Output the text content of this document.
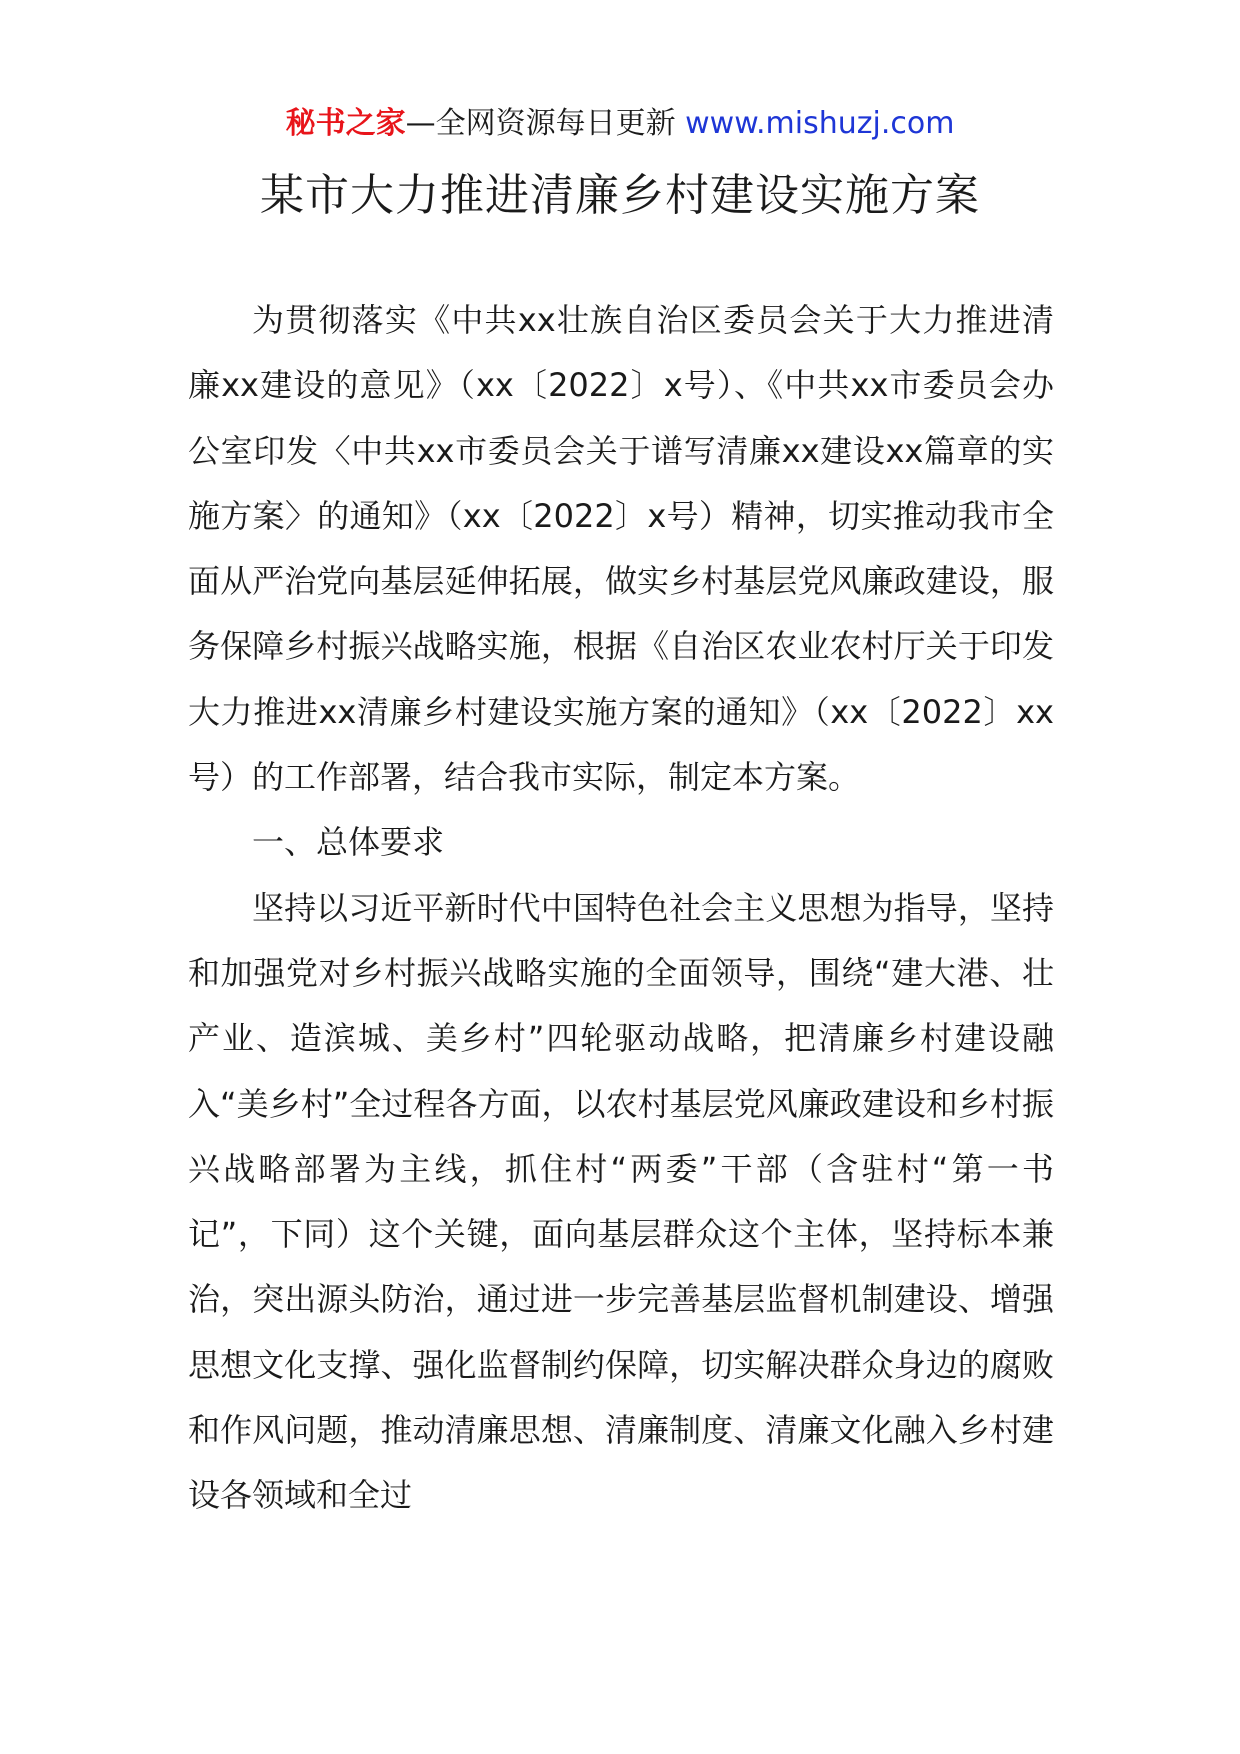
秘书之家—全网资源每日更新 www.mishuzj.com
某市大力推进清廉乡村建设实施方案

为贯彻落实《中共xx壮族自治区委员会关于大力推进清廉xx建设的意见》（xx〔2022〕x号）、《中共xx市委员会办公室印发〈中共xx市委员会关于谱写清廉xx建设xx篇章的实施方案〉的通知》（xx〔2022〕x号）精神，切实推动我市全面从严治党向基层延伸拓展，做实乡村基层党风廉政建设，服务保障乡村振兴战略实施，根据《自治区农业农村厅关于印发大力推进xx清廉乡村建设实施方案的通知》（xx〔2022〕xx号）的工作部署，结合我市实际，制定本方案。

一、总体要求

坚持以习近平新时代中国特色社会主义思想为指导，坚持和加强党对乡村振兴战略实施的全面领导，围绕“建大港、壮产业、造滨城、美乡村”四轮驱动战略，把清廉乡村建设融入“美乡村”全过程各方面，以农村基层党风廉政建设和乡村振兴战略部署为主线，抓住村“两委”干部（含驻村“第一书记”，下同）这个关键，面向基层群众这个主体，坚持标本兼治，突出源头防治，通过进一步完善基层监督机制建设、增强思想文化支撑、强化监督制约保障，切实解决群众身边的腐败和作风问题，推动清廉思想、清廉制度、清廉文化融入乡村建设各领域和全过
